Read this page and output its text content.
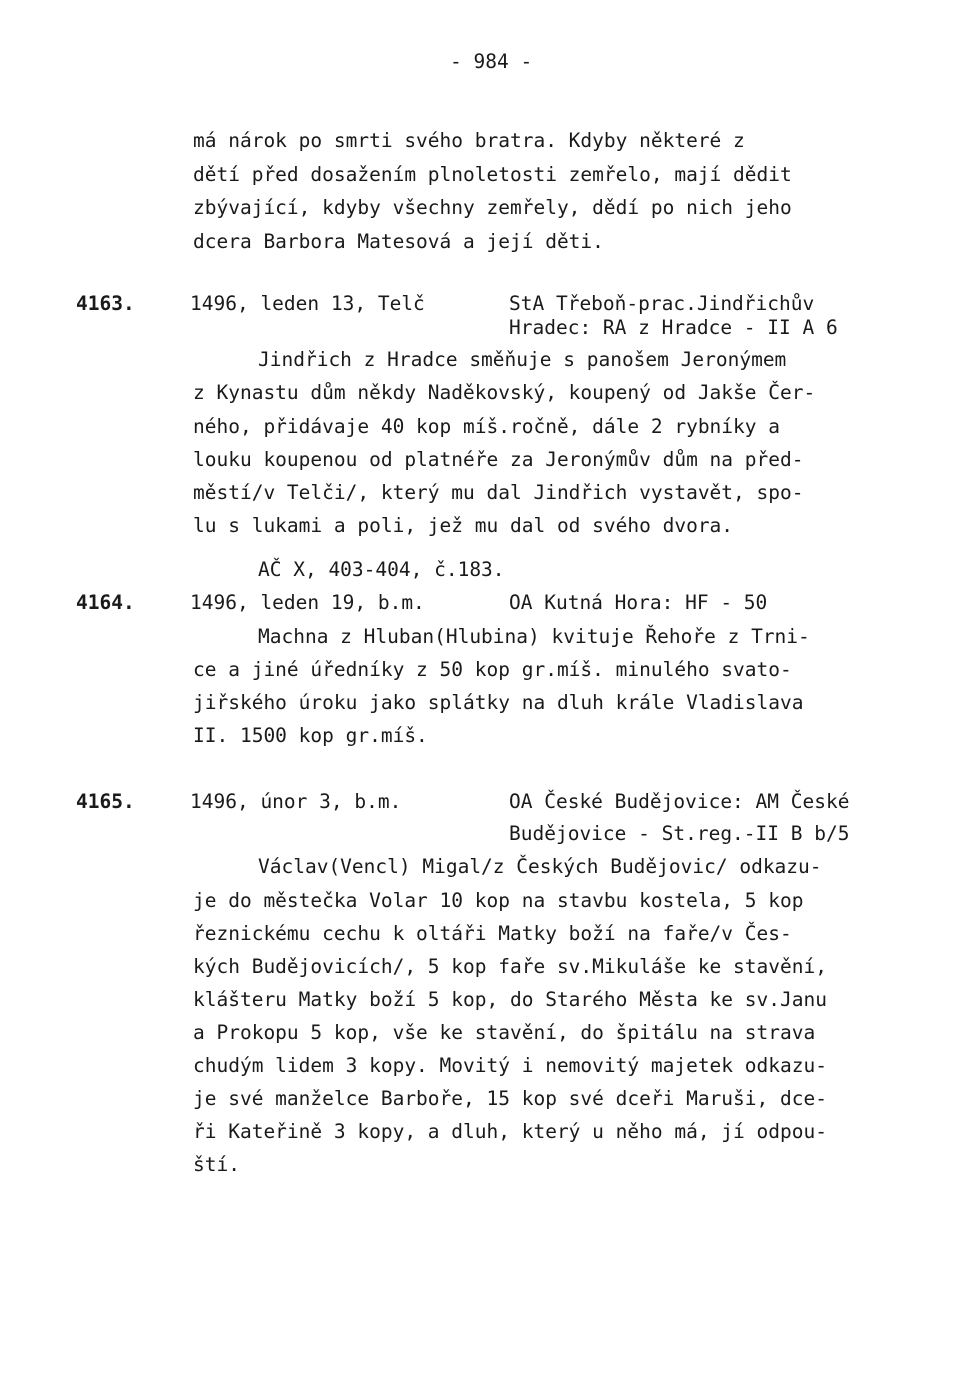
- 984 -
má nárok po smrti svého bratra. Kdyby některé z
dětí před dosažením plnoletosti zemřelo, mají dědit
zbývající, kdyby všechny zemřely, dědí po nich jeho
dcera Barbora Matesová a její děti.
4163.	1496, leden 13, Telč	StA Třeboň-prac.Jindřichův
Hradec: RA z Hradce - II A 6
Jindřich z Hradce směňuje s panošem Jeronýmem
z Kynastu dům někdy Naděkovský, koupený od Jakše Čer-
ného, přidávaje 40 kop míš.ročně, dále 2 rybníky a
louku koupenou od platnéře za Jeronýmův dům na před-
městí/v Telči/, který mu dal Jindřich vystavět, spo-
lu s lukami a poli, jež mu dal od svého dvora.
AČ X, 403-404, č.183.
4164.	1496, leden 19, b.m.	OA Kutná Hora: HF - 50
Machna z Hluban(Hlubina) kvituje Řehoře z Trni-
ce a jiné úředníky z 50 kop gr.míš. minulého svato-
jiřského úroku jako splátky na dluh krále Vladislava
II. 1500 kop gr.míš.
4165.	1496, únor 3, b.m.	OA České Budějovice: AM České
Budějovice - St.reg.-II B b/5
Václav(Vencl) Migal/z Českých Budějovic/ odkazu-
je do městečka Volar 10 kop na stavbu kostela, 5 kop
řeznickému cechu k oltáři Matky boží na faře/v Čes-
kých Budějovicích/, 5 kop faře sv.Mikuláše ke stavění,
klášteru Matky boží 5 kop, do Starého Města ke sv.Janu
a Prokopu 5 kop, vše ke stavění, do špitálu na strava
chudým lidem 3 kopy. Movitý i nemovitý majetek odkazu-
je své manželce Barboře, 15 kop své dceři Maruši, dce-
ři Kateřině 3 kopy, a dluh, který u něho má, jí odpou-
ští.
